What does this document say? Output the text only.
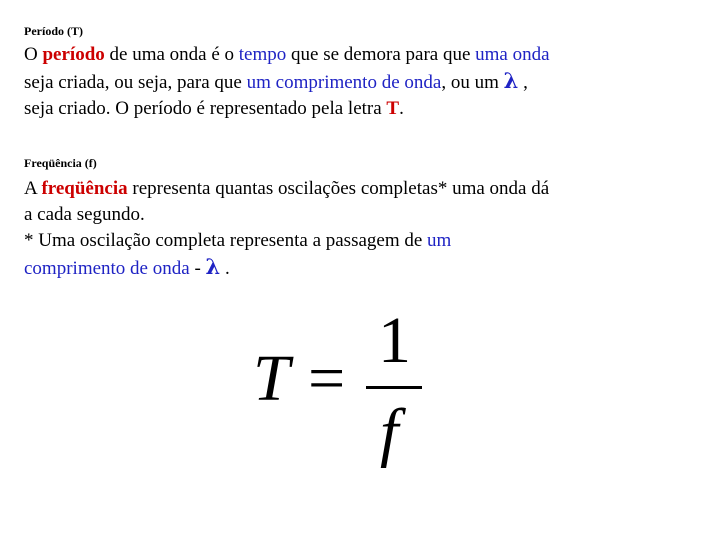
Período (T)
O período de uma onda é o tempo que se demora para que uma onda
seja criada, ou seja, para que um comprimento de onda, ou um λ ,
seja criado. O período é representado pela letra T.
Freqüência (f)
A freqüência representa quantas oscilações completas* uma onda dá
a cada segundo.
* Uma oscilação completa representa a passagem de um
comprimento de onda - λ .
T =
1
f
